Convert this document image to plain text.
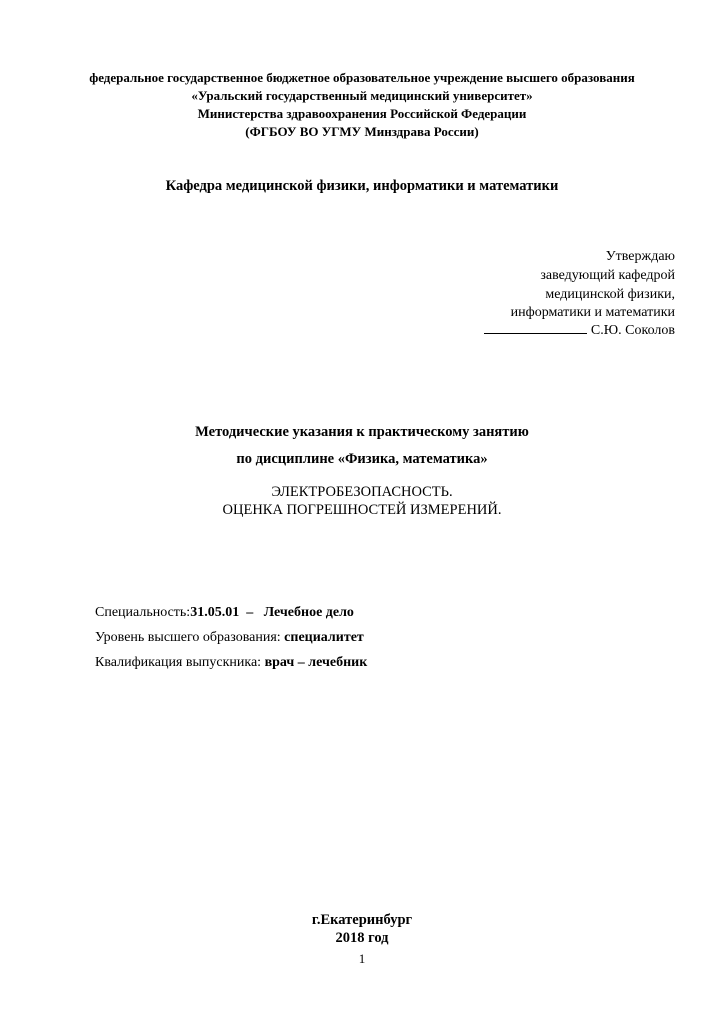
федеральное государственное бюджетное образовательное учреждение высшего образования
«Уральский государственный медицинский университет»
Министерства здравоохранения Российской Федерации
(ФГБОУ ВО УГМУ Минздрава России)
Кафедра медицинской физики, информатики и математики
Утверждаю
заведующий кафедрой
медицинской физики,
информатики и математики
С.Ю. Соколов
Методические указания к практическому занятию
по дисциплине «Физика, математика»
ЭЛЕКТРОБЕЗОПАСНОСТЬ.
ОЦЕНКА ПОГРЕШНОСТЕЙ ИЗМЕРЕНИЙ.
Специальность:31.05.01  –   Лечебное дело
Уровень высшего образования: специалитет
Квалификация выпускника: врач – лечебник
г.Екатеринбург
2018 год
1
